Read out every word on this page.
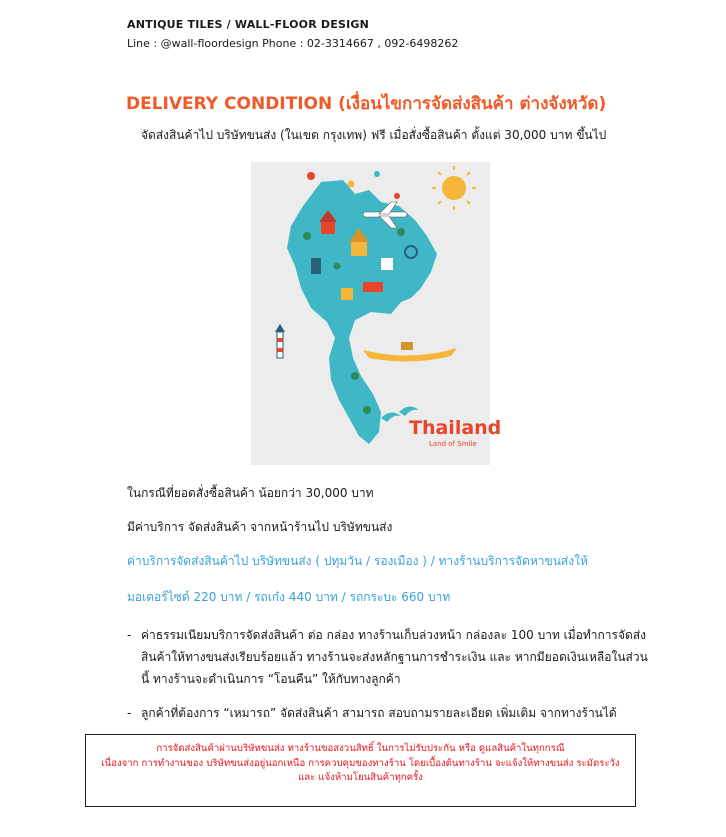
ANTIQUE TILES / WALL-FLOOR DESIGN
Line : @wall-floordesign Phone : 02-3314667 , 092-6498262
DELIVERY CONDITION (เงื่อนไขการจัดส่งสินค้า ต่างจังหวัด)
จัดส่งสินค้าไป บริษัทขนส่ง (ในเขต กรุงเทพ) ฟรี เมื่อสั่งซื้อสินค้า ตั้งแต่ 30,000 บาท ขึ้นไป
Thailand
Land of Smile
ในกรณีที่ยอดสั่งซื้อสินค้า น้อยกว่า 30,000 บาท
มีค่าบริการ จัดส่งสินค้า จากหน้าร้านไป บริษัทขนส่ง
ค่าบริการจัดส่งสินค้าไป บริษัทขนส่ง ( ปทุมวัน / รองเมือง ) / ทางร้านบริการจัดหาขนส่งให้
มอเตอร์ไซด์ 220 บาท / รถเก๋ง 440 บาท / รถกระบะ 660 บาท
- ค่าธรรมเนียมบริการจัดส่งสินค้า ต่อ กล่อง ทางร้านเก็บล่วงหน้า กล่องละ 100 บาท เมื่อทำการจัดส่ง
สินค้าให้ทางขนส่งเรียบร้อยแล้ว ทางร้านจะส่งหลักฐานการชำระเงิน และ หากมียอดเงินเหลือในส่วน
นี้ ทางร้านจะดำเนินการ “โอนคืน” ให้กับทางลูกค้า
- ลูกค้าที่ต้องการ “เหมารถ” จัดส่งสินค้า สามารถ สอบถามรายละเอียด เพิ่มเติม จากทางร้านได้
การจัดส่งสินค้าผ่านบริษัทขนส่ง ทางร้านขอสงวนสิทธิ์ ในการไม่รับประกัน หรือ ดูแลสินค้าในทุกกรณี
เนื่องจาก การทำงานของ บริษัทขนส่งอยู่นอกเหนือ การควบคุมของทางร้าน โดยเบื้องต้นทางร้าน จะแจ้งให้ทางขนส่ง ระมัดระวัง
และ แจ้งห้ามโยนสินค้าทุกครั้ง
